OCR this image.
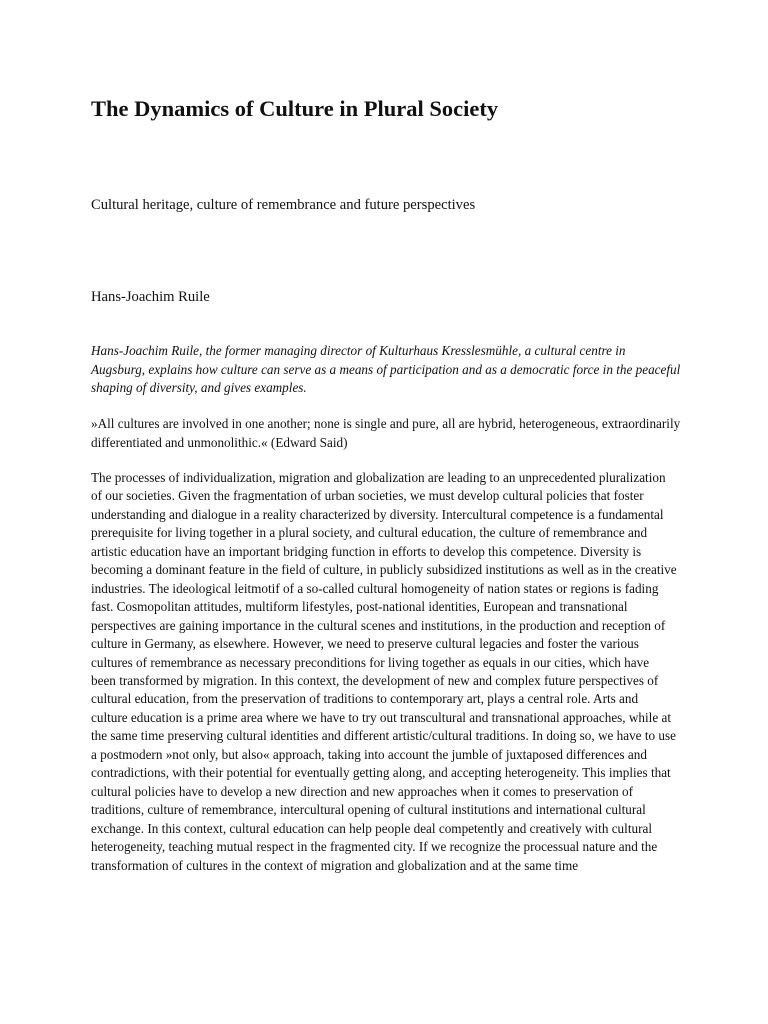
The Dynamics of Culture in Plural Society

Cultural heritage, culture of remembrance and future perspectives

Hans-Joachim Ruile

Hans-Joachim Ruile, the former managing director of Kulturhaus Kresslesmühle, a cultural centre in Augsburg, explains how culture can serve as a means of participation and as a democratic force in the peaceful shaping of diversity, and gives examples.

»All cultures are involved in one another; none is single and pure, all are hybrid, heterogeneous, extraordinarily differentiated and unmonolithic.« (Edward Said)

The processes of individualization, migration and globalization are leading to an unprecedented pluralization of our societies. Given the fragmentation of urban societies, we must develop cultural policies that foster understanding and dialogue in a reality characterized by diversity. Intercultural competence is a fundamental prerequisite for living together in a plural society, and cultural education, the culture of remembrance and artistic education have an important bridging function in efforts to develop this competence. Diversity is becoming a dominant feature in the field of culture, in publicly subsidized institutions as well as in the creative industries. The ideological leitmotif of a so-called cultural homogeneity of nation states or regions is fading fast. Cosmopolitan attitudes, multiform lifestyles, post-national identities, European and transnational perspectives are gaining importance in the cultural scenes and institutions, in the production and reception of culture in Germany, as elsewhere. However, we need to preserve cultural legacies and foster the various cultures of remembrance as necessary preconditions for living together as equals in our cities, which have been transformed by migration. In this context, the development of new and complex future perspectives of cultural education, from the preservation of traditions to contemporary art, plays a central role. Arts and culture education is a prime area where we have to try out transcultural and transnational approaches, while at the same time preserving cultural identities and different artistic/cultural traditions. In doing so, we have to use a postmodern »not only, but also« approach, taking into account the jumble of juxtaposed differences and contradictions, with their potential for eventually getting along, and accepting heterogeneity. This implies that cultural policies have to develop a new direction and new approaches when it comes to preservation of traditions, culture of remembrance, intercultural opening of cultural institutions and international cultural exchange. In this context, cultural education can help people deal competently and creatively with cultural heterogeneity, teaching mutual respect in the fragmented city. If we recognize the processual nature and the transformation of cultures in the context of migration and globalization and at the same time
